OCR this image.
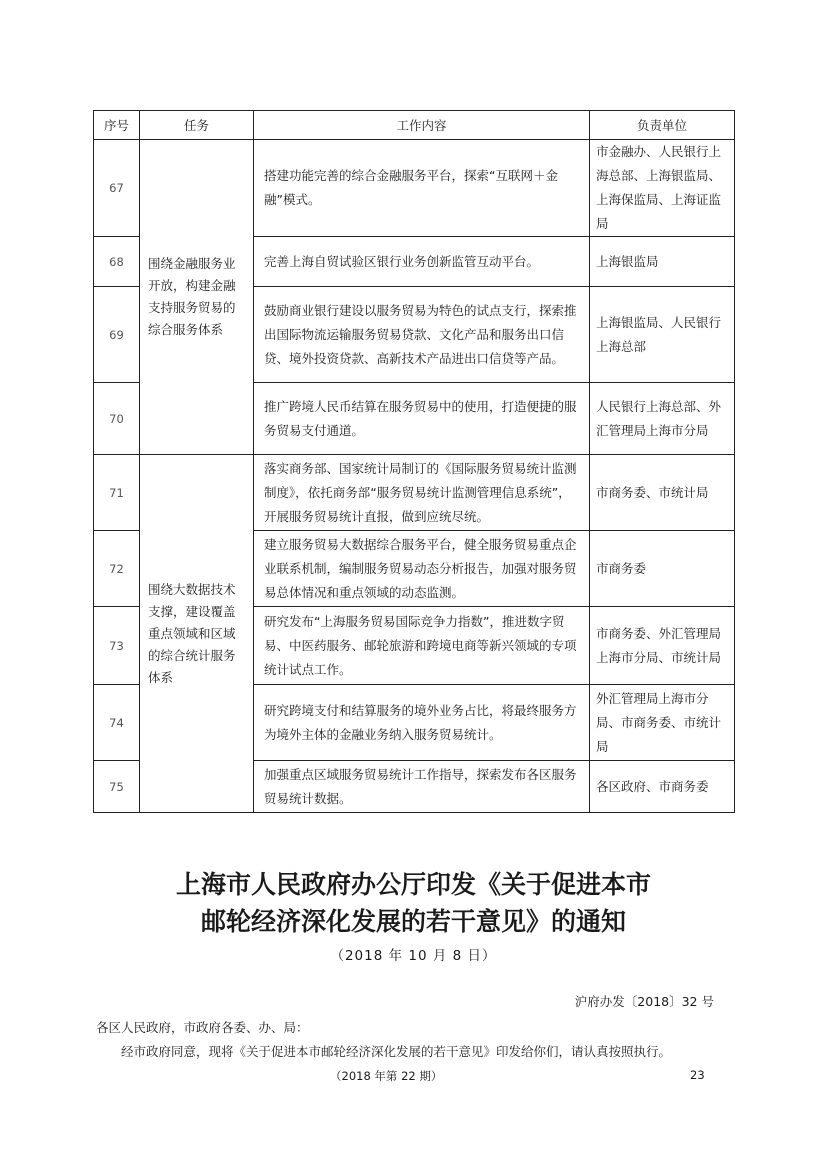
序号	任务	工作内容	负责单位
67	围绕金融服务业开放，构建金融支持服务贸易的综合服务体系	搭建功能完善的综合金融服务平台，探索“互联网＋金融”模式。	市金融办、人民银行上海总部、上海银监局、上海保监局、上海证监局
68		完善上海自贸试验区银行业务创新监管互动平台。	上海银监局
69		鼓励商业银行建设以服务贸易为特色的试点支行，探索推出国际物流运输服务贸易贷款、文化产品和服务出口信贷、境外投资贷款、高新技术产品进出口信贷等产品。	上海银监局、人民银行上海总部
70		推广跨境人民币结算在服务贸易中的使用，打造便捷的服务贸易支付通道。	人民银行上海总部、外汇管理局上海市分局
71	围绕大数据技术支撑，建设覆盖重点领域和区域的综合统计服务体系	落实商务部、国家统计局制订的《国际服务贸易统计监测制度》，依托商务部“服务贸易统计监测管理信息系统”，开展服务贸易统计直报，做到应统尽统。	市商务委、市统计局
72		建立服务贸易大数据综合服务平台，健全服务贸易重点企业联系机制，编制服务贸易动态分析报告，加强对服务贸易总体情况和重点领域的动态监测。	市商务委
73		研究发布“上海服务贸易国际竞争力指数”，推进数字贸易、中医药服务、邮轮旅游和跨境电商等新兴领域的专项统计试点工作。	市商务委、外汇管理局上海市分局、市统计局
74		研究跨境支付和结算服务的境外业务占比，将最终服务方为境外主体的金融业务纳入服务贸易统计。	外汇管理局上海市分局、市商务委、市统计局
75		加强重点区域服务贸易统计工作指导，探索发布各区服务贸易统计数据。	各区政府、市商务委
上海市人民政府办公厅印发《关于促进本市
邮轮经济深化发展的若干意见》的通知
（2018 年 10 月 8 日）
沪府办发〔2018〕32 号
各区人民政府，市政府各委、办、局：
经市政府同意，现将《关于促进本市邮轮经济深化发展的若干意见》印发给你们，请认真按照执行。
（2018 年第 22 期）	23
